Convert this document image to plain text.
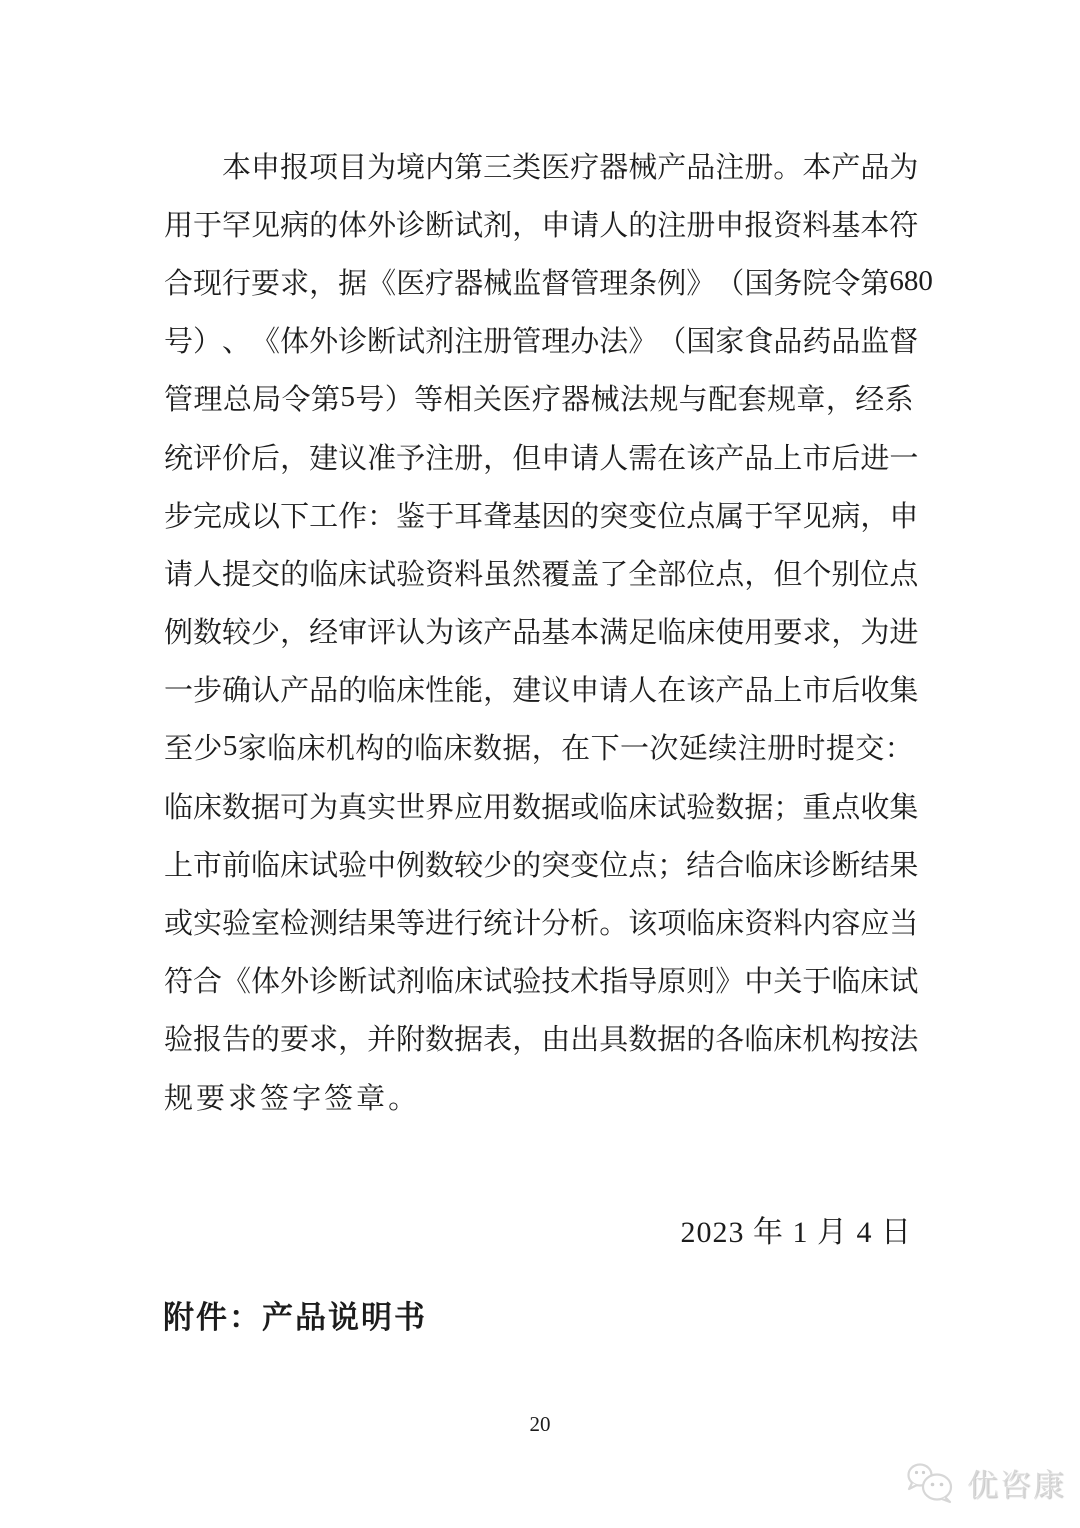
本 申 报 项 目 为 境 内 第 三 类 医 疗 器 械 产 品 注 册 。 本 产 品 为
用 于 罕 见 病 的 体 外 诊 断 试 剂 ， 申 请 人 的 注 册 申 报 资 料 基 本 符
合 现 行 要 求 ， 据 《 医 疗 器 械 监 督 管 理 条 例 》 （ 国 务 院 令 第 680
号 ） 、 《 体 外 诊 断 试 剂 注 册 管 理 办 法 》 （ 国 家 食 品 药 品 监 督
管 理 总 局 令 第 5 号 ） 等 相 关 医 疗 器 械 法 规 与 配 套 规 章 ， 经 系
统 评 价 后 ， 建 议 准 予 注 册 ， 但 申 请 人 需 在 该 产 品 上 市 后 进 一
步 完 成 以 下 工 作 ： 鉴 于 耳 聋 基 因 的 突 变 位 点 属 于 罕 见 病 ， 申
请 人 提 交 的 临 床 试 验 资 料 虽 然 覆 盖 了 全 部 位 点 ， 但 个 别 位 点
例 数 较 少 ， 经 审 评 认 为 该 产 品 基 本 满 足 临 床 使 用 要 求 ， 为 进
一 步 确 认 产 品 的 临 床 性 能 ， 建 议 申 请 人 在 该 产 品 上 市 后 收 集
至 少 5 家 临 床 机 构 的 临 床 数 据 ， 在 下 一 次 延 续 注 册 时 提 交 ：
临 床 数 据 可 为 真 实 世 界 应 用 数 据 或 临 床 试 验 数 据 ； 重 点 收 集
上 市 前 临 床 试 验 中 例 数 较 少 的 突 变 位 点 ； 结 合 临 床 诊 断 结 果
或 实 验 室 检 测 结 果 等 进 行 统 计 分 析 。 该 项 临 床 资 料 内 容 应 当
符 合 《 体 外 诊 断 试 剂 临 床 试 验 技 术 指 导 原 则 》 中 关 于 临 床 试
验 报 告 的 要 求 ， 并 附 数 据 表 ， 由 出 具 数 据 的 各 临 床 机 构 按 法
规 要 求 签 字 签 章 。
2023 年 1 月 4 日
附件：产品说明书
20
优咨康
